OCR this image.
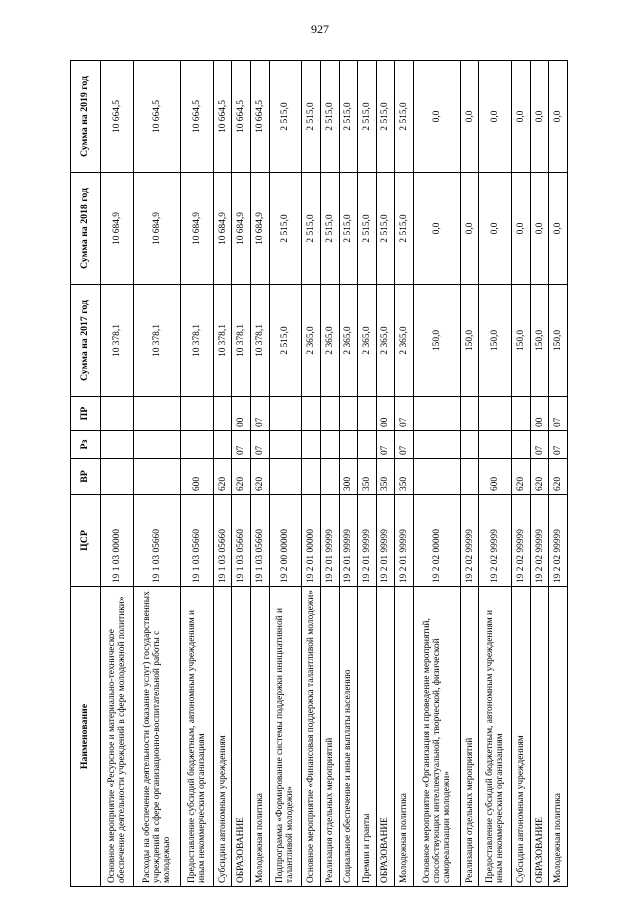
927
Наименование	ЦСР	ВР	Рз	ПР	Сумма на 2017 год	Сумма на 2018 год	Сумма на 2019 год
Основное мероприятие «Ресурсное и материально-техническое обеспечение деятельности учреждений в сфере молодежной политики»	19 1 03 00000				10 378,1	10 684,9	10 664,5
Расходы на обеспечение деятельности (оказание услуг) государственных учреждений в сфере организационно-воспитательной работы с молодежью	19 1 03 05660				10 378,1	10 684,9	10 664,5
Предоставление субсидий бюджетным, автономным учреждениям и иным некоммерческим организациям	19 1 03 05660	600			10 378,1	10 684,9	10 664,5
Субсидии автономным учреждениям	19 1 03 05660	620			10 378,1	10 684,9	10 664,5
ОБРАЗОВАНИЕ	19 1 03 05660	620	07	00	10 378,1	10 684,9	10 664,5
Молодежная политика	19 1 03 05660	620	07	07	10 378,1	10 684,9	10 664,5
Подпрограмма «Формирование системы поддержки инициативной и талантливой молодежи»	19 2 00 00000				2 515,0	2 515,0	2 515,0
Основное мероприятие «Финансовая поддержка талантливой молодежи»	19 2 01 00000				2 365,0	2 515,0	2 515,0
Реализация отдельных мероприятий	19 2 01 99999				2 365,0	2 515,0	2 515,0
Социальное обеспечение и иные выплаты населению	19 2 01 99999	300			2 365,0	2 515,0	2 515,0
Премии и гранты	19 2 01 99999	350			2 365,0	2 515,0	2 515,0
ОБРАЗОВАНИЕ	19 2 01 99999	350	07	00	2 365,0	2 515,0	2 515,0
Молодежная политика	19 2 01 99999	350	07	07	2 365,0	2 515,0	2 515,0
Основное мероприятие «Организация и проведение мероприятий, способствующих интеллектуальной, творческой, физической самореализации молодежи»	19 2 02 00000				150,0	0,0	0,0
Реализация отдельных мероприятий	19 2 02 99999				150,0	0,0	0,0
Предоставление субсидий бюджетным, автономным учреждениям и иным некоммерческим организациям	19 2 02 99999	600			150,0	0,0	0,0
Субсидии автономным учреждениям	19 2 02 99999	620			150,0	0,0	0,0
ОБРАЗОВАНИЕ	19 2 02 99999	620	07	00	150,0	0,0	0,0
Молодежная политика	19 2 02 99999	620	07	07	150,0	0,0	0,0
